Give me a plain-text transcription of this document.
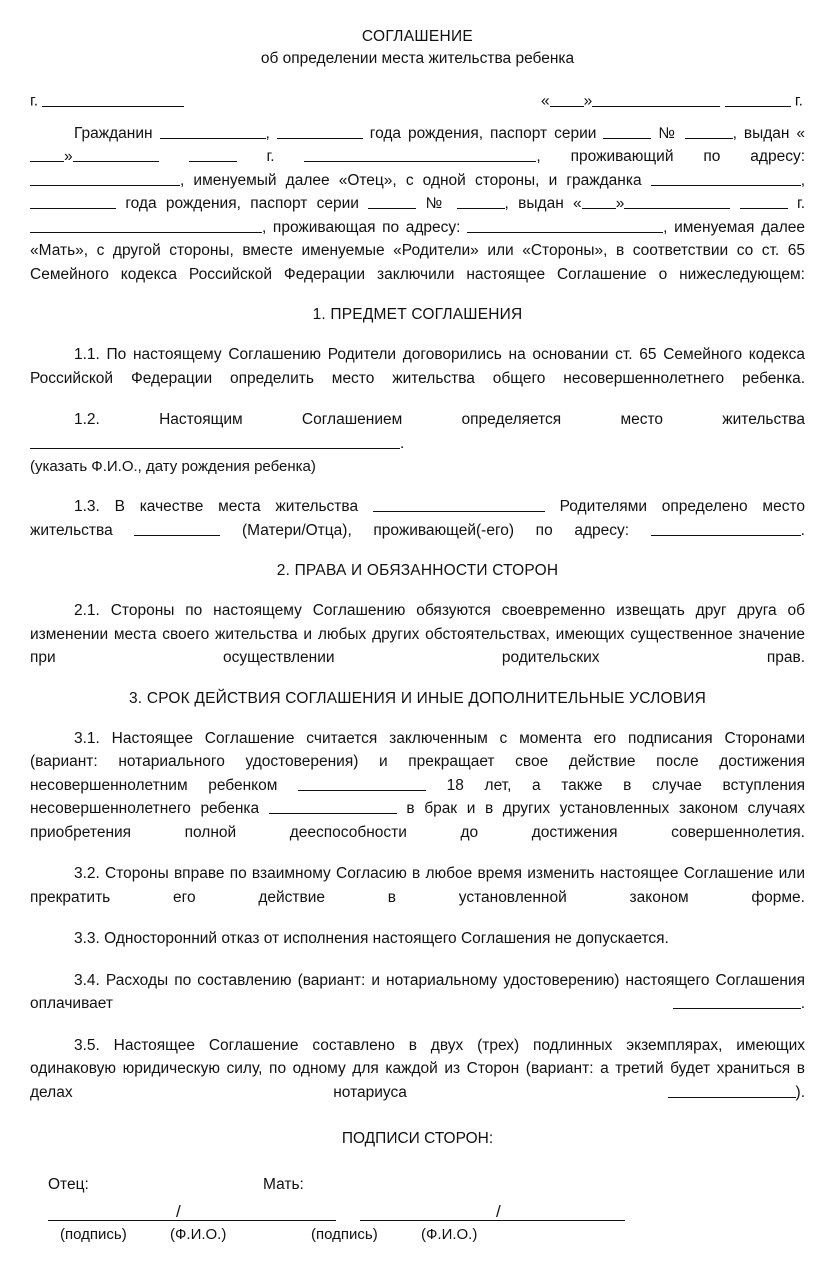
СОГЛАШЕНИЕ
об определении места жительства ребенка
г.	« »	г.

Гражданин	,	года рождения, паспорт серии	№	, выдан «»	г.	, проживающий по адресу: , именуемый далее «Отец», с одной стороны, и гражданка	,  года рождения, паспорт серии	№	, выдан « »	г. , проживающая по адресу:	, именуемая далее «Мать», с другой стороны, вместе именуемые «Родители» или «Стороны», в соответствии со ст. 65 Семейного кодекса Российской Федерации заключили настоящее Соглашение о нижеследующем:

1. ПРЕДМЕТ СОГЛАШЕНИЯ

1.1. По настоящему Соглашению Родители договорились на основании ст. 65 Семейного кодекса Российской Федерации определить место жительства общего несовершеннолетнего ребенка.

1.2. Настоящим Соглашением определяется место жительства

.

(указать Ф.И.О., дату рождения ребенка)

1.3. В качестве места жительства	Родителями определено место жительства	(Матери/Отца), проживающей(-его) по адресу:	.

2. ПРАВА И ОБЯЗАННОСТИ СТОРОН

2.1. Стороны по настоящему Соглашению обязуются своевременно извещать друг друга об изменении места своего жительства и любых других обстоятельствах, имеющих существенное значение при осуществлении родительских прав.

3. СРОК ДЕЙСТВИЯ СОГЛАШЕНИЯ И ИНЫЕ ДОПОЛНИТЕЛЬНЫЕ УСЛОВИЯ

3.1. Настоящее Соглашение считается заключенным с момента его подписания Сторонами (вариант: нотариального удостоверения) и прекращает свое действие после достижения несовершеннолетним ребенком	18 лет, а также в случае вступления несовершеннолетнего ребенка	в брак и в других установленных законом случаях приобретения полной дееспособности до достижения совершеннолетия.

3.2. Стороны вправе по взаимному Согласию в любое время изменить настоящее Соглашение или прекратить его действие в установленной законом форме.

3.3. Односторонний отказ от исполнения настоящего Соглашения не допускается.

3.4. Расходы по составлению (вариант: и нотариальному удостоверению) настоящего Соглашения оплачивает	.

3.5. Настоящее Соглашение составлено в двух (трех) подлинных экземплярах, имеющих одинаковую юридическую силу, по одному для каждой из Сторон (вариант: а третий будет храниться в делах нотариуса	).

ПОДПИСИ СТОРОН:
Отец:	Мать:
/
(подпись)	(Ф.И.О.)
/
(подпись)	(Ф.И.О.)
